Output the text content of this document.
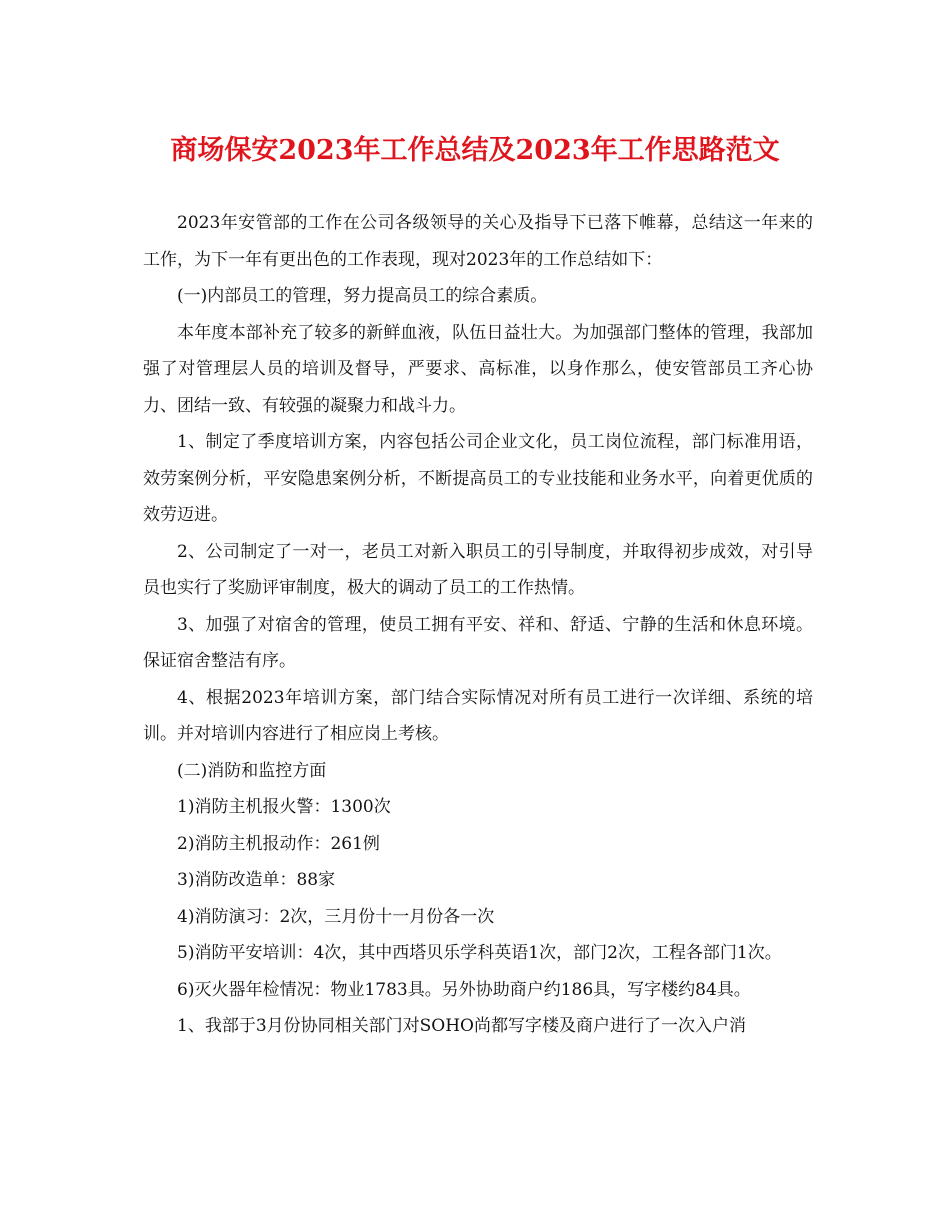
商场保安2023年工作总结及2023年工作思路范文

2023年安管部的工作在公司各级领导的关心及指导下已落下帷幕，总结这一年来的工作，为下一年有更出色的工作表现，现对2023年的工作总结如下：

(一)内部员工的管理，努力提高员工的综合素质。

本年度本部补充了较多的新鲜血液，队伍日益壮大。为加强部门整体的管理，我部加强了对管理层人员的培训及督导，严要求、高标准，以身作那么，使安管部员工齐心协力、团结一致、有较强的凝聚力和战斗力。

1、制定了季度培训方案，内容包括公司企业文化，员工岗位流程，部门标准用语，效劳案例分析，平安隐患案例分析，不断提高员工的专业技能和业务水平，向着更优质的效劳迈进。

2、公司制定了一对一，老员工对新入职员工的引导制度，并取得初步成效，对引导员也实行了奖励评审制度，极大的调动了员工的工作热情。

3、加强了对宿舍的管理，使员工拥有平安、祥和、舒适、宁静的生活和休息环境。保证宿舍整洁有序。

4、根据2023年培训方案，部门结合实际情况对所有员工进行一次详细、系统的培训。并对培训内容进行了相应岗上考核。

(二)消防和监控方面

1)消防主机报火警：1300次

2)消防主机报动作：261例

3)消防改造单：88家

4)消防演习：2次，三月份十一月份各一次

5)消防平安培训：4次，其中西塔贝乐学科英语1次，部门2次，工程各部门1次。

6)灭火器年检情况：物业1783具。另外协助商户约186具，写字楼约84具。

1、我部于3月份协同相关部门对SOHO尚都写字楼及商户进行了一次入户消
